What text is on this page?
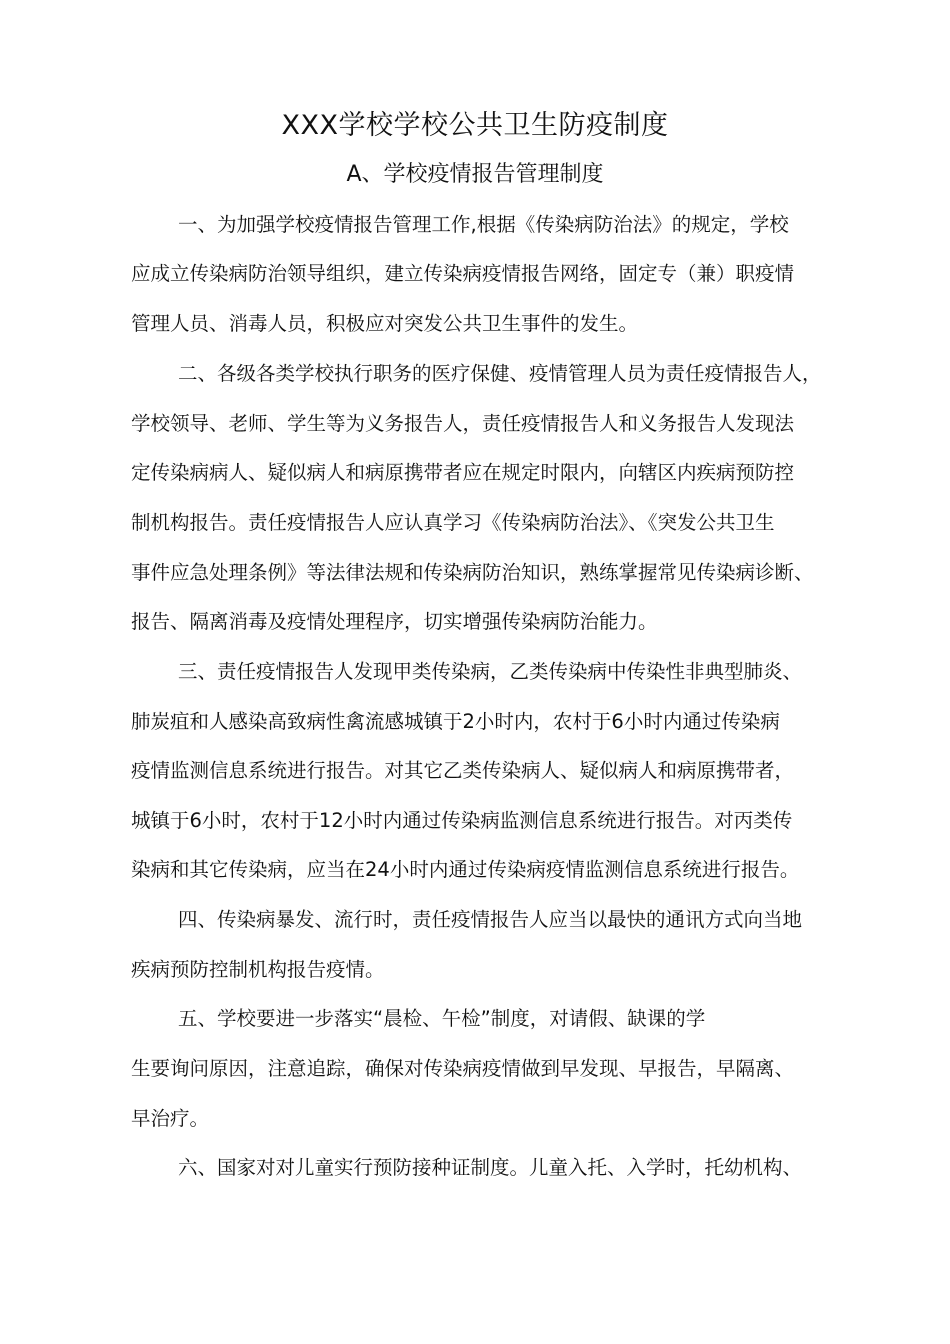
XXX学校学校公共卫生防疫制度
A、学校疫情报告管理制度
一、为加强学校疫情报告管理工作,根据《传染病防治法》的规定，学校
应成立传染病防治领导组织，建立传染病疫情报告网络，固定专（兼）职疫情
管理人员、消毒人员，积极应对突发公共卫生事件的发生。
二、各级各类学校执行职务的医疗保健、疫情管理人员为责任疫情报告人，
学校领导、老师、学生等为义务报告人，责任疫情报告人和义务报告人发现法
定传染病病人、疑似病人和病原携带者应在规定时限内，向辖区内疾病预防控
制机构报告。责任疫情报告人应认真学习《传染病防治法》、《突发公共卫生
事件应急处理条例》等法律法规和传染病防治知识，熟练掌握常见传染病诊断、
报告、隔离消毒及疫情处理程序，切实增强传染病防治能力。
三、责任疫情报告人发现甲类传染病，乙类传染病中传染性非典型肺炎、
肺炭疽和人感染高致病性禽流感城镇于2小时内，农村于6小时内通过传染病
疫情监测信息系统进行报告。对其它乙类传染病人、疑似病人和病原携带者，
城镇于6小时，农村于12小时内通过传染病监测信息系统进行报告。对丙类传
染病和其它传染病，应当在24小时内通过传染病疫情监测信息系统进行报告。
四、传染病暴发、流行时，责任疫情报告人应当以最快的通讯方式向当地
疾病预防控制机构报告疫情。
五、学校要进一步落实“晨检、午检”制度，对请假、缺课的学
生要询问原因，注意追踪，确保对传染病疫情做到早发现、早报告，早隔离、
早治疗。
六、国家对对儿童实行预防接种证制度。儿童入托、入学时，托幼机构、
